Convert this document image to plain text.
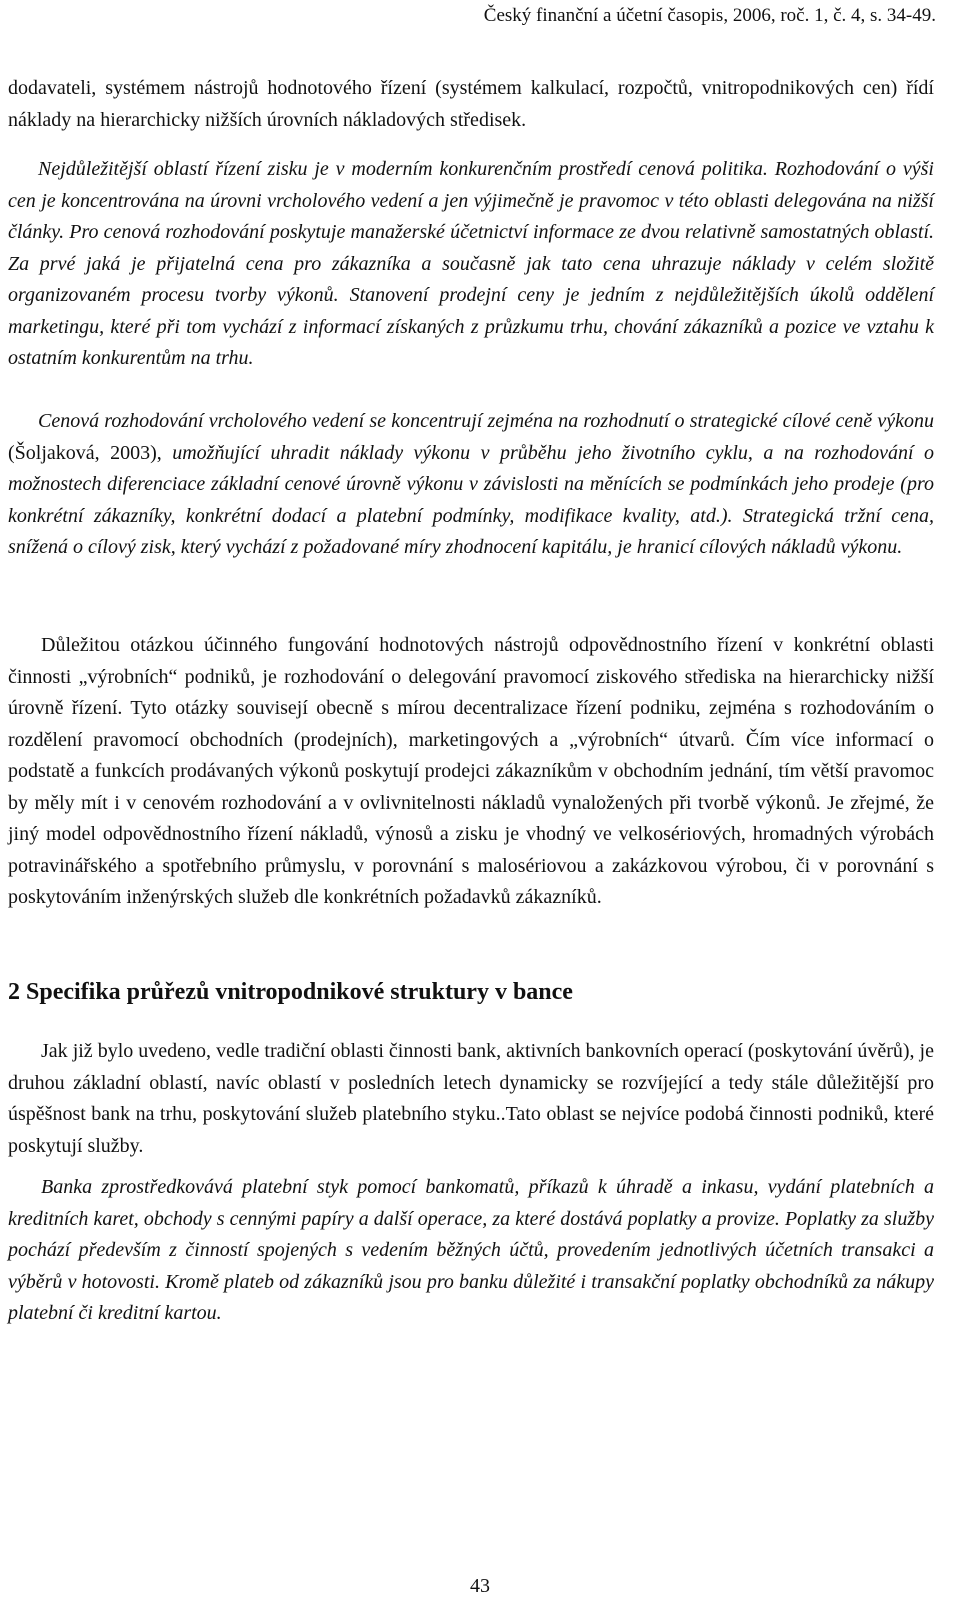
Český finanční a účetní časopis, 2006, roč. 1, č. 4, s. 34-49.

dodavateli, systémem nástrojů hodnotového řízení (systémem kalkulací, rozpočtů, vnitropodnikových cen) řídí náklady na hierarchicky nižších úrovních nákladových středisek.

Nejdůležitější oblastí řízení zisku je v moderním konkurenčním prostředí cenová politika. Rozhodování o výši cen je koncentrována na úrovni vrcholového vedení a jen výjimečně je pravomoc v této oblasti delegována na nižší články. Pro cenová rozhodování poskytuje manažerské účetnictví informace ze dvou relativně samostatných oblastí. Za prvé jaká je přijatelná cena pro zákazníka a současně jak tato cena uhrazuje náklady v celém složitě organizovaném procesu tvorby výkonů. Stanovení prodejní ceny je jedním z nejdůležitějších úkolů oddělení marketingu, které při tom vychází z informací získaných z průzkumu trhu, chování zákazníků a pozice ve vztahu k ostatním konkurentům na trhu.

Cenová rozhodování vrcholového vedení se koncentrují zejména na rozhodnutí o strategické cílové ceně výkonu (Šoljaková, 2003), umožňující uhradit náklady výkonu v průběhu jeho životního cyklu, a na rozhodování o možnostech diferenciace základní cenové úrovně výkonu v závislosti na měnících se podmínkách jeho prodeje (pro konkrétní zákazníky, konkrétní dodací a platební podmínky, modifikace kvality, atd.). Strategická tržní cena, snížená o cílový zisk, který vychází z požadované míry zhodnocení kapitálu, je hranicí cílových nákladů výkonu.

Důležitou otázkou účinného fungování hodnotových nástrojů odpovědnostního řízení v konkrétní oblasti činnosti „výrobních“ podniků, je rozhodování o delegování pravomocí ziskového střediska na hierarchicky nižší úrovně řízení. Tyto otázky souvisejí obecně s mírou decentralizace řízení podniku, zejména s rozhodováním o rozdělení pravomocí obchodních (prodejních), marketingových a „výrobních“ útvarů. Čím více informací o podstatě a funkcích prodávaných výkonů poskytují prodejci zákazníkům v obchodním jednání, tím větší pravomoc by měly mít i v cenovém rozhodování a v ovlivnitelnosti nákladů vynaložených při tvorbě výkonů. Je zřejmé, že jiný model odpovědnostního řízení nákladů, výnosů a zisku je vhodný ve velkosériových, hromadných výrobách potravinářského a spotřebního průmyslu, v porovnání s malosériovou a zakázkovou výrobou, či v porovnání s poskytováním inženýrských služeb dle konkrétních požadavků zákazníků.

2 Specifika průřezů vnitropodnikové struktury v bance

Jak již bylo uvedeno, vedle tradiční oblasti činnosti bank, aktivních bankovních operací (poskytování úvěrů), je druhou základní oblastí, navíc oblastí v posledních letech dynamicky se rozvíjející a tedy stále důležitější pro úspěšnost bank na trhu, poskytování služeb platebního styku..Tato oblast se nejvíce podobá činnosti podniků, které poskytují služby.

Banka zprostředkovává platební styk pomocí bankomatů, příkazů k úhradě a inkasu, vydání platebních a kreditních karet, obchody s cennými papíry a další operace, za které dostává poplatky a provize. Poplatky za služby pochází především z činností spojených s vedením běžných účtů, provedením jednotlivých účetních transakci a výběrů v hotovosti. Kromě plateb od zákazníků jsou pro banku důležité i transakční poplatky obchodníků za nákupy platební či kreditní kartou.

43
